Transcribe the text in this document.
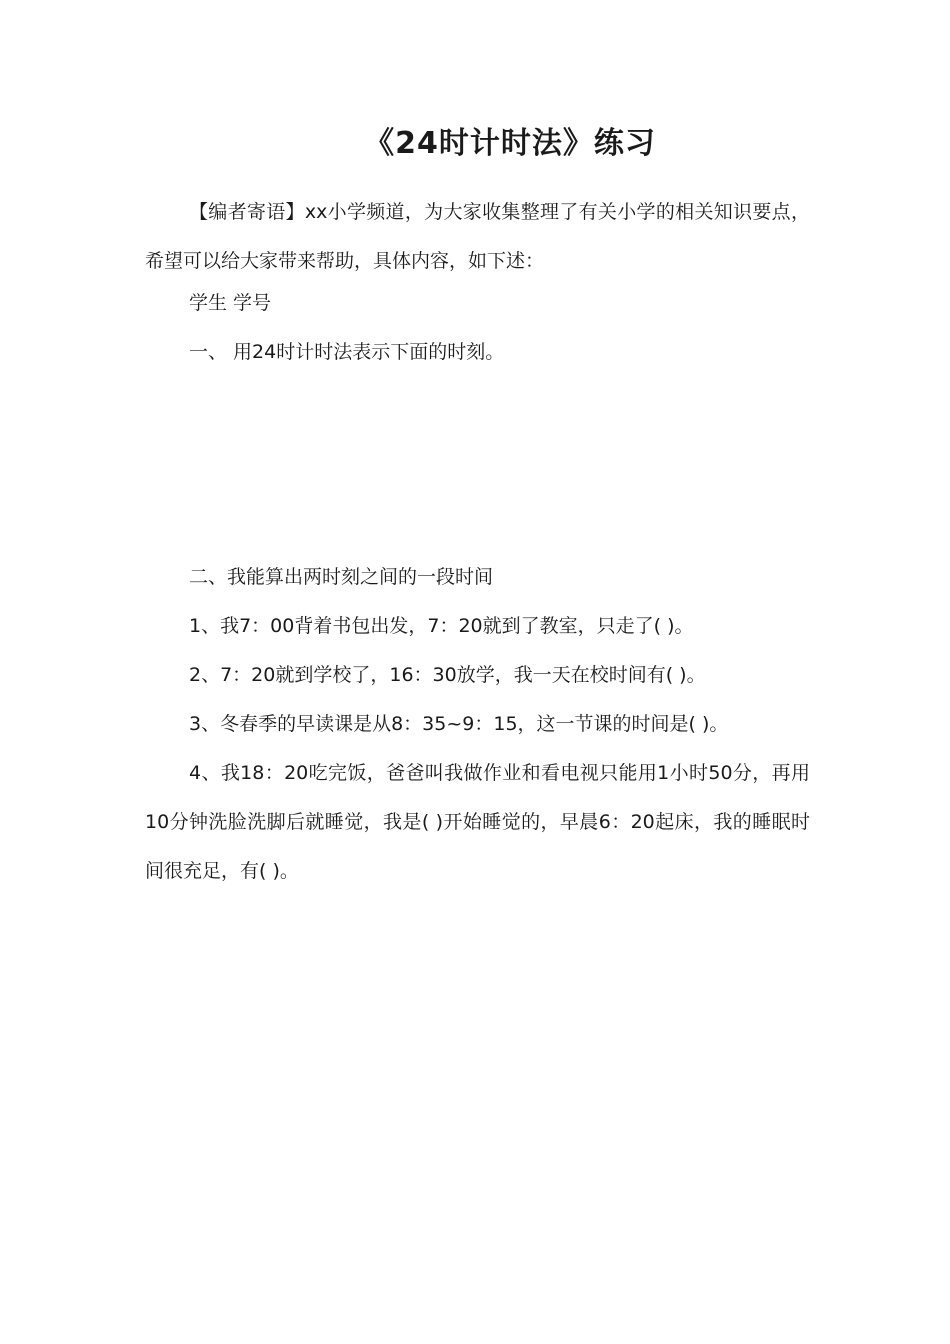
《24时计时法》练习

【编者寄语】xx小学频道，为大家收集整理了有关小学的相关知识要点，希望可以给大家带来帮助，具体内容，如下述：

学生 学号

一、 用24时计时法表示下面的时刻。

二、我能算出两时刻之间的一段时间

1、我7：00背着书包出发，7：20就到了教室，只走了( )。

2、7：20就到学校了，16：30放学，我一天在校时间有( )。

3、冬春季的早读课是从8：35~9：15，这一节课的时间是( )。

4、我18：20吃完饭，爸爸叫我做作业和看电视只能用1小时50分，再用10分钟洗脸洗脚后就睡觉，我是( )开始睡觉的，早晨6：20起床，我的睡眠时间很充足，有( )。
